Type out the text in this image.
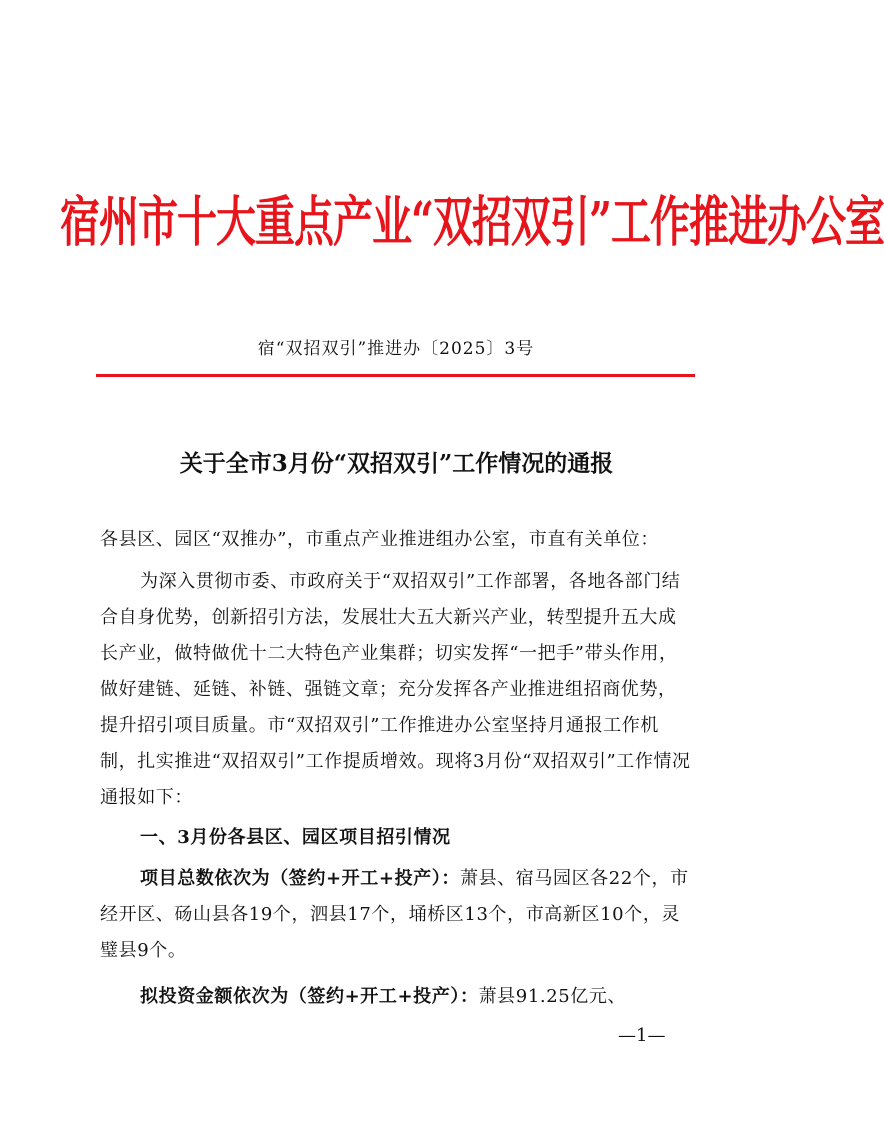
宿州市十大重点产业“双招双引”工作推进办公室
宿“双招双引”推进办〔2025〕3号
关于全市3月份“双招双引”工作情况的通报
各县区、园区“双推办”，市重点产业推进组办公室，市直有关单位：
为深入贯彻市委、市政府关于“双招双引”工作部署，各地各部门结合自身优势，创新招引方法，发展壮大五大新兴产业，转型提升五大成长产业，做特做优十二大特色产业集群；切实发挥“一把手”带头作用，做好建链、延链、补链、强链文章；充分发挥各产业推进组招商优势，提升招引项目质量。市“双招双引”工作推进办公室坚持月通报工作机制，扎实推进“双招双引”工作提质增效。现将3月份“双招双引”工作情况通报如下：
一、3月份各县区、园区项目招引情况
项目总数依次为（签约+开工+投产）：萧县、宿马园区各22个，市经开区、砀山县各19个，泗县17个，埇桥区13个，市高新区10个，灵璧县9个。
拟投资金额依次为（签约+开工+投产）：萧县91.25亿元、
—1—
